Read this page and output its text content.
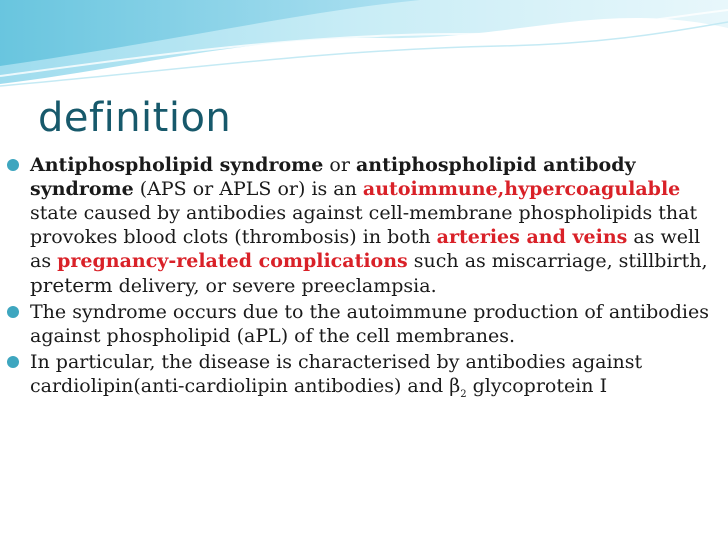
definition
Antiphospholipid syndrome or antiphospholipid antibody syndrome (APS or APLS or) is an autoimmune,hypercoagulable state caused by antibodies against cell-membrane phospholipids that provokes blood clots (thrombosis) in both arteries and veins as well as pregnancy-related complications such as miscarriage, stillbirth, preterm delivery, or severe preeclampsia.
The syndrome occurs due to the autoimmune production of antibodies against phospholipid (aPL) of the cell membranes.
In particular, the disease is characterised by antibodies against cardiolipin(anti-cardiolipin antibodies) and $\beta_2$ glycoprotein I
